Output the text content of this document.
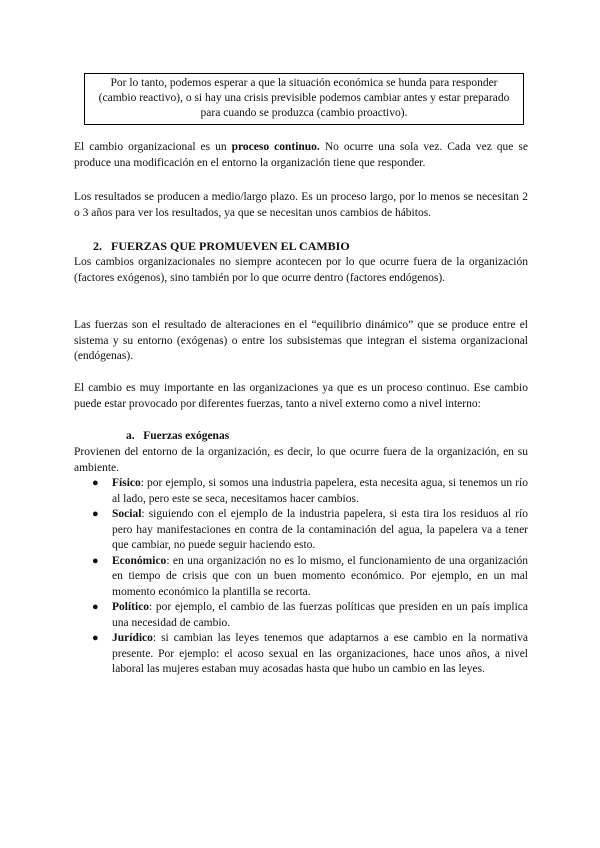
Por lo tanto, podemos esperar a que la situación económica se hunda para responder (cambio reactivo), o si hay una crisis previsible podemos cambiar antes y estar preparado para cuando se produzca (cambio proactivo).

El cambio organizacional es un proceso continuo. No ocurre una sola vez. Cada vez que se produce una modificación en el entorno la organización tiene que responder.

Los resultados se producen a medio/largo plazo. Es un proceso largo, por lo menos se necesitan 2 o 3 años para ver los resultados, ya que se necesitan unos cambios de hábitos.

2. FUERZAS QUE PROMUEVEN EL CAMBIO

Los cambios organizacionales no siempre acontecen por lo que ocurre fuera de la organización (factores exógenos), sino también por lo que ocurre dentro (factores endógenos).

Las fuerzas son el resultado de alteraciones en el “equilibrio dinámico” que se produce entre el sistema y su entorno (exógenas) o entre los subsistemas que integran el sistema organizacional (endógenas).

El cambio es muy importante en las organizaciones ya que es un proceso continuo. Ese cambio puede estar provocado por diferentes fuerzas, tanto a nivel externo como a nivel interno:

a. Fuerzas exógenas

Provienen del entorno de la organización, es decir, lo que ocurre fuera de la organización, en su ambiente.

● Físico: por ejemplo, si somos una industria papelera, esta necesita agua, si tenemos un río al lado, pero este se seca, necesitamos hacer cambios.
● Social: siguiendo con el ejemplo de la industria papelera, si esta tira los residuos al río pero hay manifestaciones en contra de la contaminación del agua, la papelera va a tener que cambiar, no puede seguir haciendo esto.
● Económico: en una organización no es lo mismo, el funcionamiento de una organización en tiempo de crisis que con un buen momento económico. Por ejemplo, en un mal momento económico la plantilla se recorta.
● Político: por ejemplo, el cambio de las fuerzas políticas que presiden en un país implica una necesidad de cambio.
● Jurídico: si cambian las leyes tenemos que adaptarnos a ese cambio en la normativa presente. Por ejemplo: el acoso sexual en las organizaciones, hace unos años, a nivel laboral las mujeres estaban muy acosadas hasta que hubo un cambio en las leyes.
